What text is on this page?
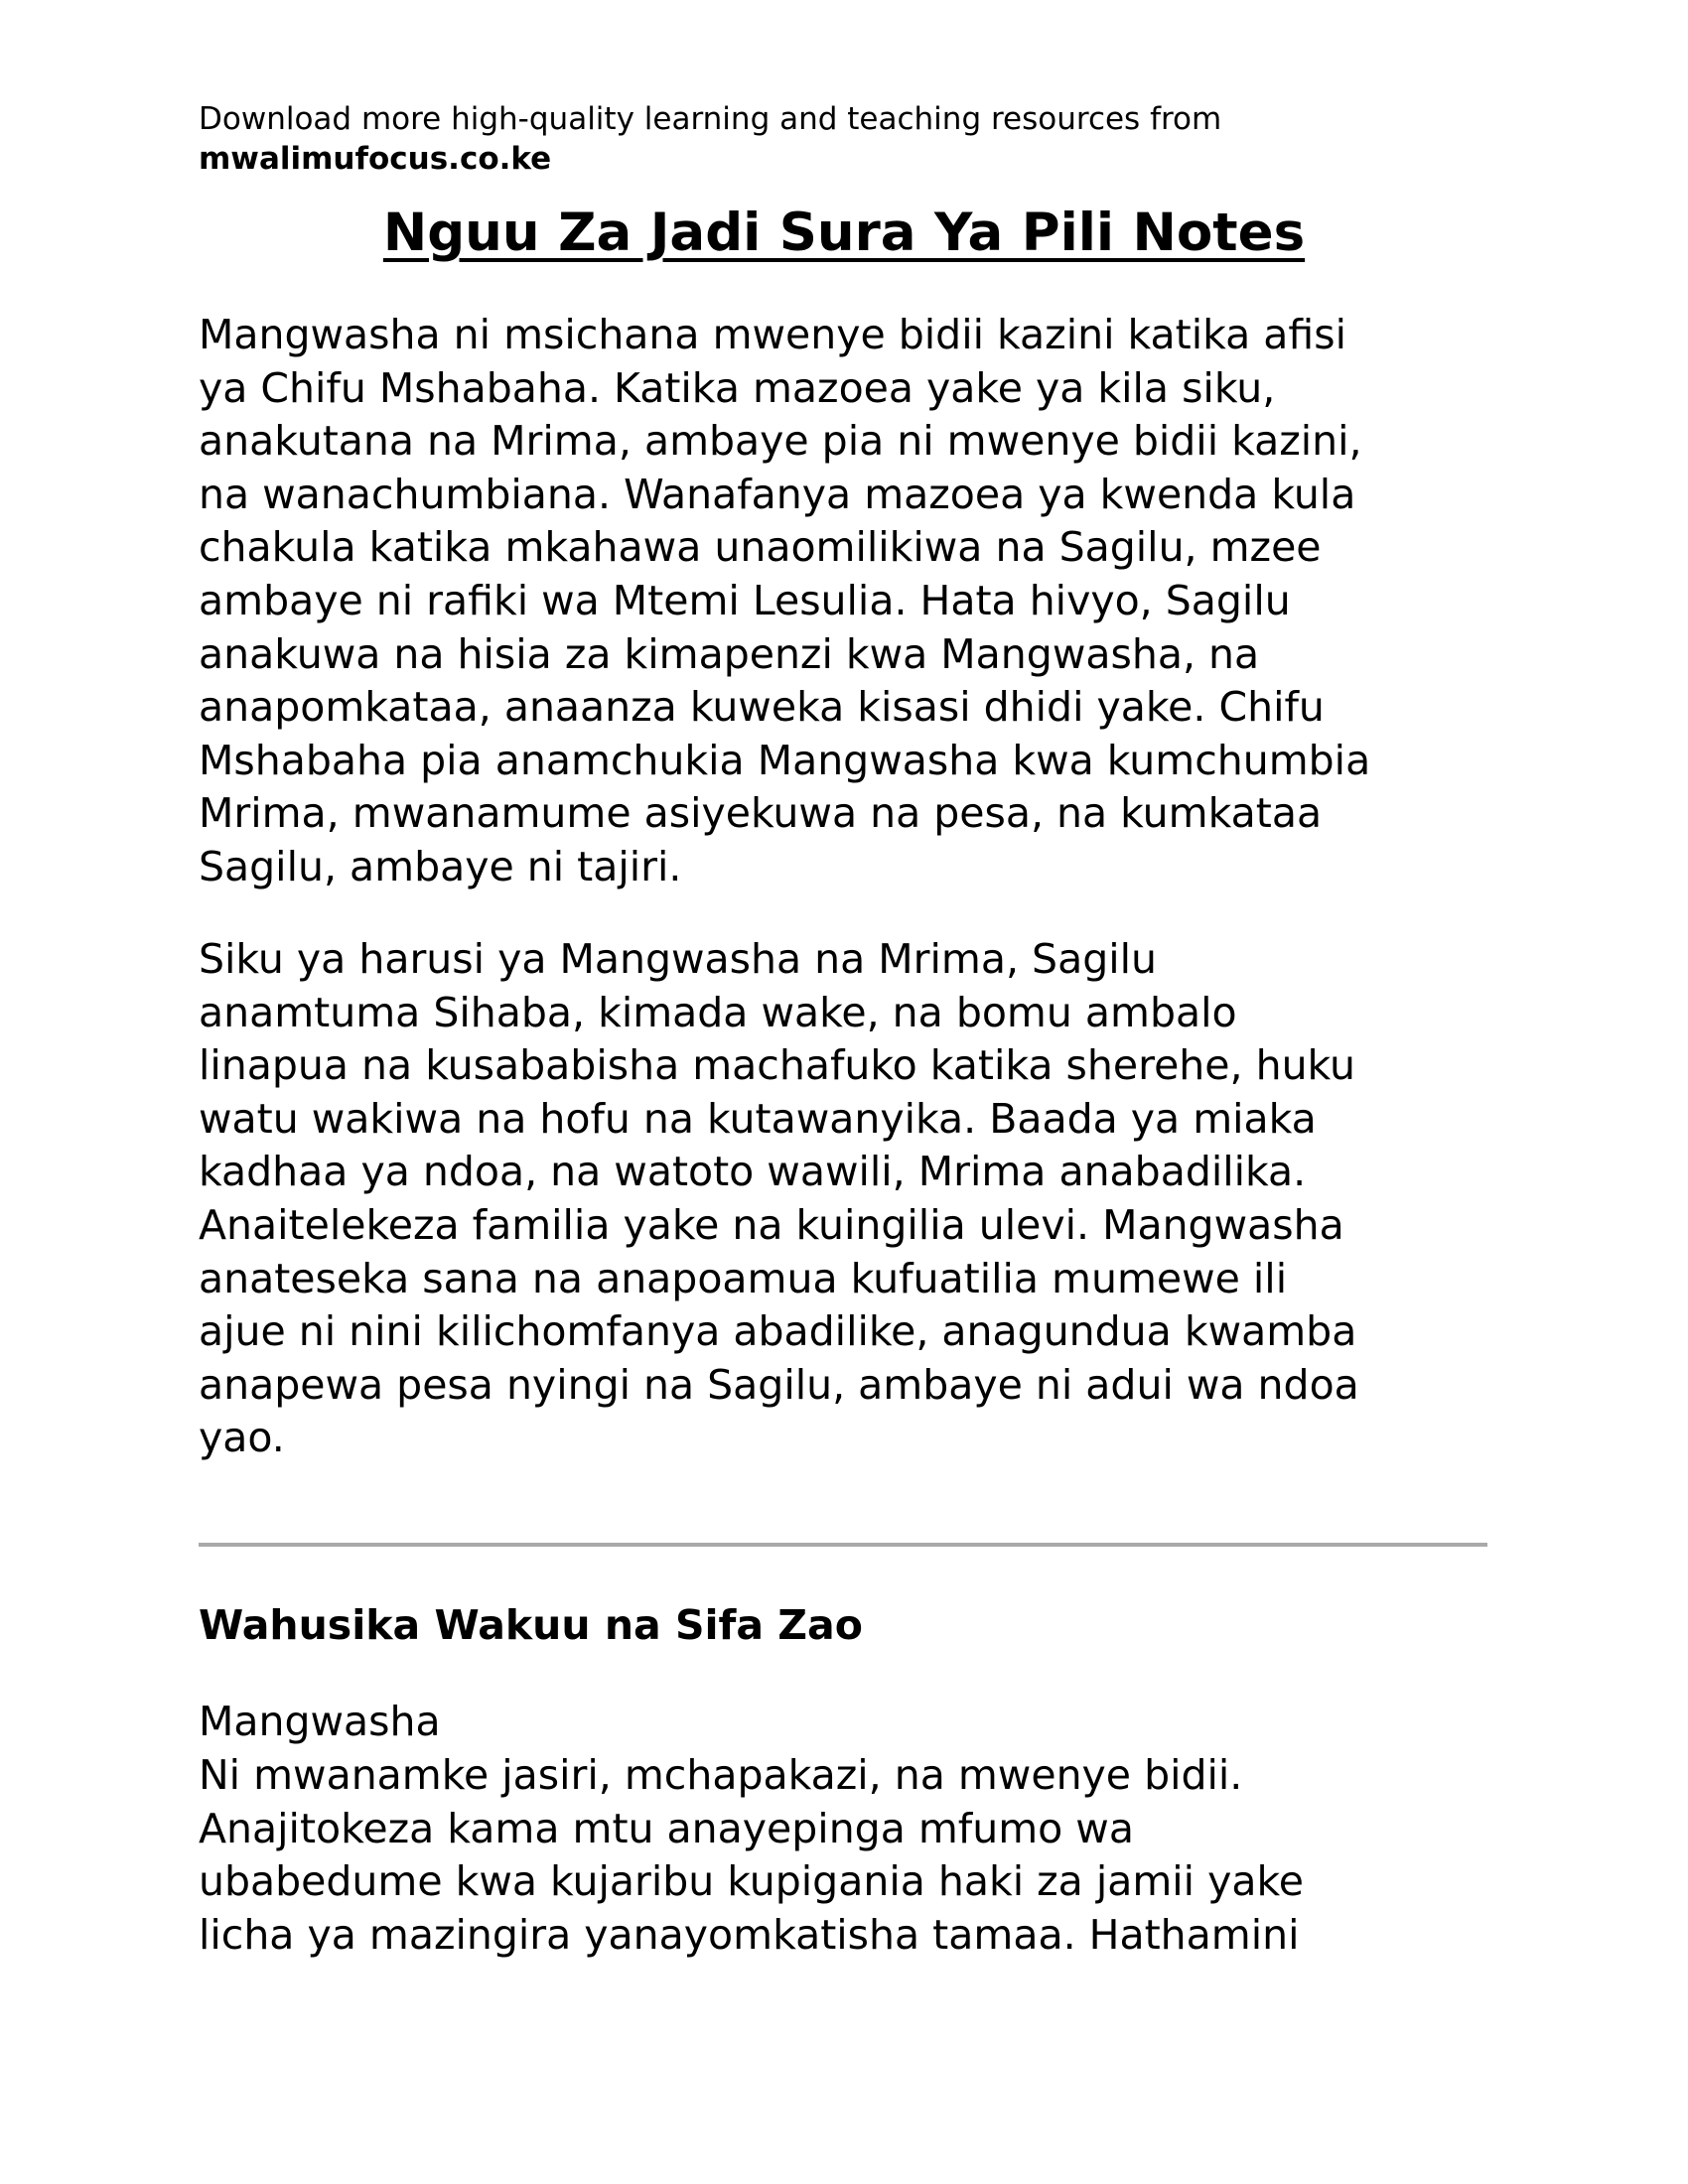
Download more high-quality learning and teaching resources from
mwalimufocus.co.ke
Nguu Za Jadi Sura Ya Pili Notes

Mangwasha ni msichana mwenye bidii kazini katika afisi
ya Chifu Mshabaha. Katika mazoea yake ya kila siku,
anakutana na Mrima, ambaye pia ni mwenye bidii kazini,
na wanachumbiana. Wanafanya mazoea ya kwenda kula
chakula katika mkahawa unaomilikiwa na Sagilu, mzee
ambaye ni rafiki wa Mtemi Lesulia. Hata hivyo, Sagilu
anakuwa na hisia za kimapenzi kwa Mangwasha, na
anapomkataa, anaanza kuweka kisasi dhidi yake. Chifu
Mshabaha pia anamchukia Mangwasha kwa kumchumbia
Mrima, mwanamume asiyekuwa na pesa, na kumkataa
Sagilu, ambaye ni tajiri.

Siku ya harusi ya Mangwasha na Mrima, Sagilu
anamtuma Sihaba, kimada wake, na bomu ambalo
linapua na kusababisha machafuko katika sherehe, huku
watu wakiwa na hofu na kutawanyika. Baada ya miaka
kadhaa ya ndoa, na watoto wawili, Mrima anabadilika.
Anaitelekeza familia yake na kuingilia ulevi. Mangwasha
anateseka sana na anapoamua kufuatilia mumewe ili
ajue ni nini kilichomfanya abadilike, anagundua kwamba
anapewa pesa nyingi na Sagilu, ambaye ni adui wa ndoa
yao.

Wahusika Wakuu na Sifa Zao

Mangwasha

Ni mwanamke jasiri, mchapakazi, na mwenye bidii.
Anajitokeza kama mtu anayepinga mfumo wa
ubabedume kwa kujaribu kupigania haki za jamii yake
licha ya mazingira yanayomkatisha tamaa. Hathamini
